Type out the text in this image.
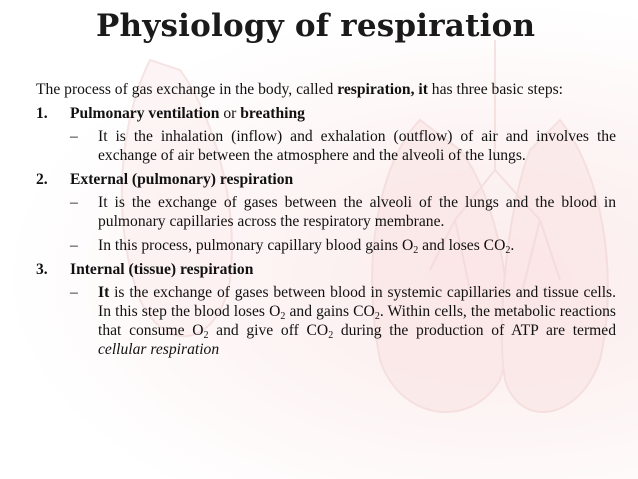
Physiology of respiration

The process of gas exchange in the body, called respiration, it has three basic steps:

1. Pulmonary ventilation or breathing
– It is the inhalation (inflow) and exhalation (outflow) of air and involves the exchange of air between the atmosphere and the alveoli of the lungs.
2. External (pulmonary) respiration
– It is the exchange of gases between the alveoli of the lungs and the blood in pulmonary capillaries across the respiratory membrane.
– In this process, pulmonary capillary blood gains $O_2$ and loses $CO_2$.
3. Internal (tissue) respiration
– It is the exchange of gases between blood in systemic capillaries and tissue cells. In this step the blood loses $O_2$ and gains $CO_2$. Within cells, the metabolic reactions that consume $O_2$ and give off $CO_2$ during the production of ATP are termed cellular respiration
